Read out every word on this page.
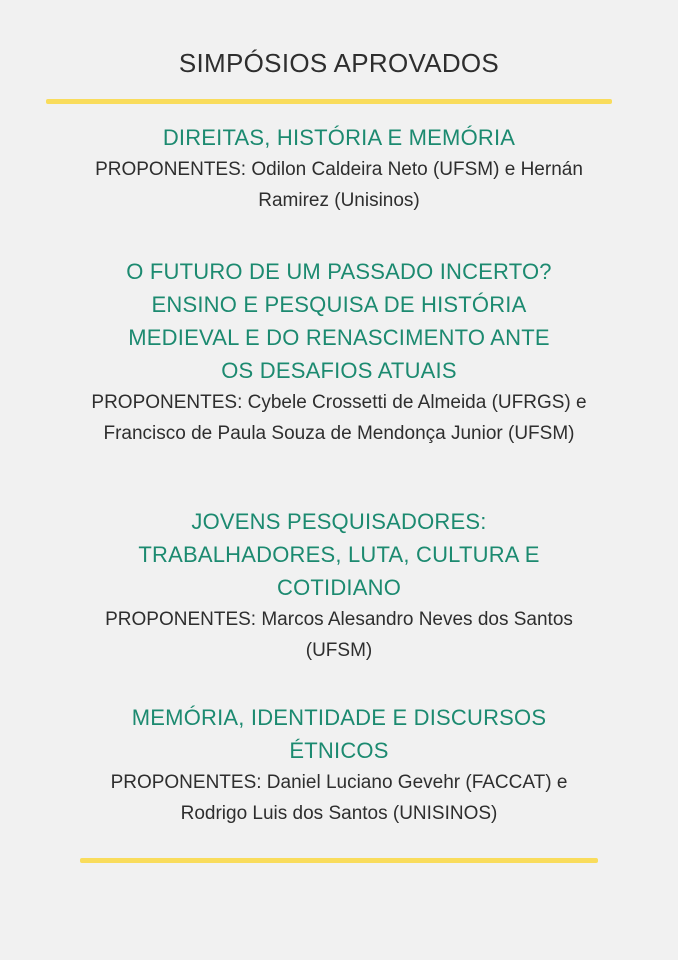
SIMPÓSIOS APROVADOS
DIREITAS, HISTÓRIA E MEMÓRIA
PROPONENTES: Odilon Caldeira Neto (UFSM) e Hernán
Ramirez (Unisinos)
O FUTURO DE UM PASSADO INCERTO?
ENSINO E PESQUISA DE HISTÓRIA
MEDIEVAL E DO RENASCIMENTO ANTE
OS DESAFIOS ATUAIS
PROPONENTES: Cybele Crossetti de Almeida (UFRGS) e
Francisco de Paula Souza de Mendonça Junior (UFSM)
JOVENS PESQUISADORES:
TRABALHADORES, LUTA, CULTURA E
COTIDIANO
PROPONENTES: Marcos Alesandro Neves dos Santos
(UFSM)
MEMÓRIA, IDENTIDADE E DISCURSOS
ÉTNICOS
PROPONENTES: Daniel Luciano Gevehr (FACCAT) e
Rodrigo Luis dos Santos (UNISINOS)
